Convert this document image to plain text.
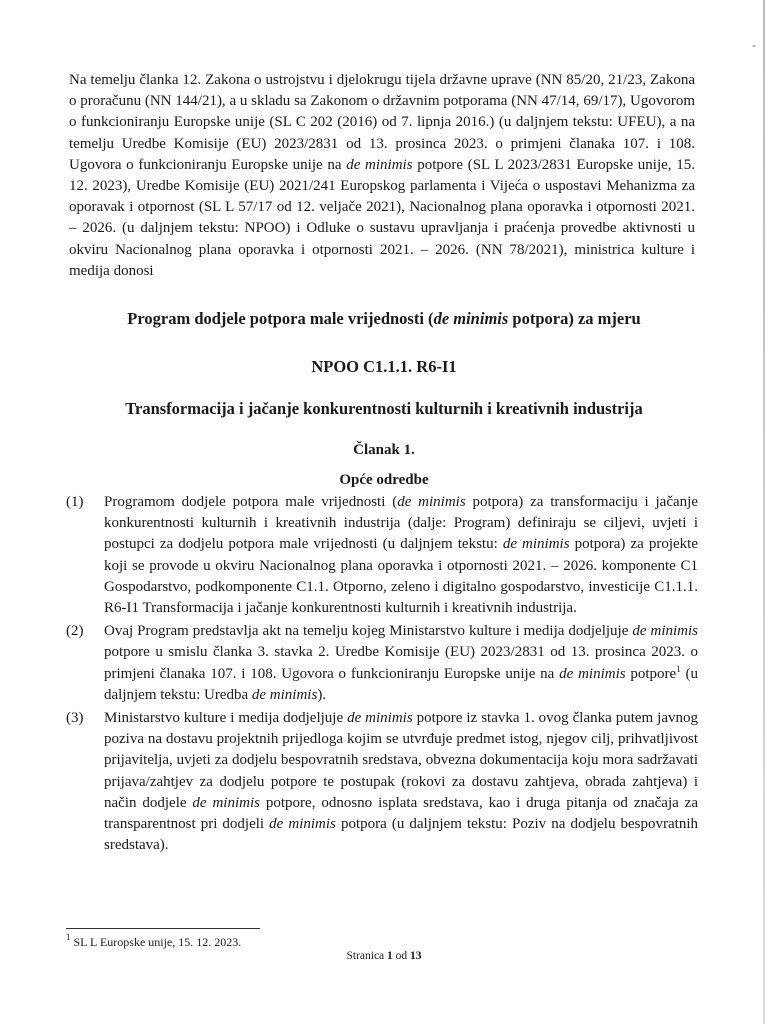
-

Na temelju članka 12. Zakona o ustrojstvu i djelokrugu tijela državne uprave (NN 85/20, 21/23, Zakona o proračunu (NN 144/21), a u skladu sa Zakonom o državnim potporama (NN 47/14, 69/17), Ugovorom o funkcioniranju Europske unije (SL C 202 (2016) od 7. lipnja 2016.) (u daljnjem tekstu: UFEU), a na temelju Uredbe Komisije (EU) 2023/2831 od 13. prosinca 2023. o primjeni članaka 107. i 108. Ugovora o funkcioniranju Europske unije na de minimis potpore (SL L 2023/2831 Europske unije, 15. 12. 2023), Uredbe Komisije (EU) 2021/241 Europskog parlamenta i Vijeća o uspostavi Mehanizma za oporavak i otpornost (SL L 57/17 od 12. veljače 2021), Nacionalnog plana oporavka i otpornosti 2021. – 2026. (u daljnjem tekstu: NPOO) i Odluke o sustavu upravljanja i praćenja provedbe aktivnosti u okviru Nacionalnog plana oporavka i otpornosti 2021. – 2026. (NN 78/2021), ministrica kulture i medija donosi

Program dodjele potpora male vrijednosti (de minimis potpora) za mjeru
NPOO C1.1.1. R6-I1
Transformacija i jačanje konkurentnosti kulturnih i kreativnih industrija
Članak 1.
Opće odredbe
(1)	Programom dodjele potpora male vrijednosti (de minimis potpora) za transformaciju i jačanje konkurentnosti kulturnih i kreativnih industrija (dalje: Program) definiraju se ciljevi, uvjeti i postupci za dodjelu potpora male vrijednosti (u daljnjem tekstu: de minimis potpora) za projekte koji se provode u okviru Nacionalnog plana oporavka i otpornosti 2021. – 2026. komponente C1 Gospodarstvo, podkomponente C1.1. Otporno, zeleno i digitalno gospodarstvo, investicije C1.1.1. R6-I1 Transformacija i jačanje konkurentnosti kulturnih i kreativnih industrija.
(2)	Ovaj Program predstavlja akt na temelju kojeg Ministarstvo kulture i medija dodjeljuje de minimis potpore u smislu članka 3. stavka 2. Uredbe Komisije (EU) 2023/2831 od 13. prosinca 2023. o primjeni članaka 107. i 108. Ugovora o funkcioniranju Europske unije na de minimis potpore$^1$ (u daljnjem tekstu: Uredba de minimis).
(3)	Ministarstvo kulture i medija dodjeljuje de minimis potpore iz stavka 1. ovog članka putem javnog poziva na dostavu projektnih prijedloga kojim se utvrđuje predmet istog, njegov cilj, prihvatljivost prijavitelja, uvjeti za dodjelu bespovratnih sredstava, obvezna dokumentacija koju mora sadržavati prijava/zahtjev za dodjelu potpore te postupak (rokovi za dostavu zahtjeva, obrada zahtjeva) i način dodjele de minimis potpore, odnosno isplata sredstava, kao i druga pitanja od značaja za transparentnost pri dodjeli de minimis potpora (u daljnjem tekstu: Poziv na dodjelu bespovratnih sredstava).

$^1$ SL L Europske unije, 15. 12. 2023.

Stranica 1 od 13
